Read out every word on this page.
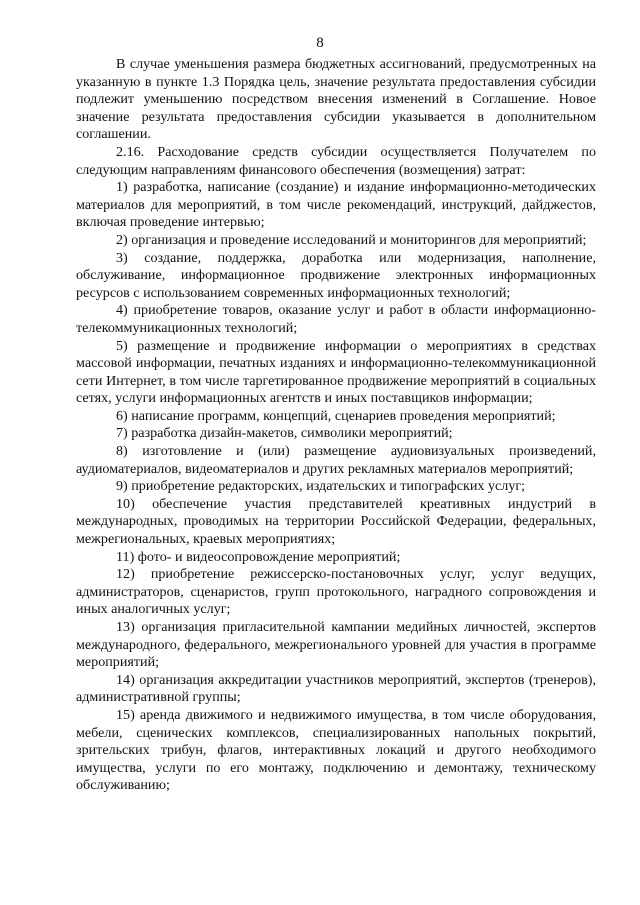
8

В случае уменьшения размера бюджетных ассигнований, предусмотренных на указанную в пункте 1.3 Порядка цель, значение результата предоставления субсидии подлежит уменьшению посредством внесения изменений в Соглашение. Новое значение результата предоставления субсидии указывается в дополнительном соглашении.

2.16. Расходование средств субсидии осуществляется Получателем по следующим направлениям финансового обеспечения (возмещения) затрат:

1) разработка, написание (создание) и издание информационно-методических материалов для мероприятий, в том числе рекомендаций, инструкций, дайджестов, включая проведение интервью;

2) организация и проведение исследований и мониторингов для мероприятий;

3) создание, поддержка, доработка или модернизация, наполнение, обслуживание, информационное продвижение электронных информационных ресурсов с использованием современных информационных технологий;

4) приобретение товаров, оказание услуг и работ в области информационно-телекоммуникационных технологий;

5) размещение и продвижение информации о мероприятиях в средствах массовой информации, печатных изданиях и информационно-телекоммуникационной сети Интернет, в том числе таргетированное продвижение мероприятий в социальных сетях, услуги информационных агентств и иных поставщиков информации;

6) написание программ, концепций, сценариев проведения мероприятий;

7) разработка дизайн-макетов, символики мероприятий;

8) изготовление и (или) размещение аудиовизуальных произведений, аудиоматериалов, видеоматериалов и других рекламных материалов мероприятий;

9) приобретение редакторских, издательских и типографских услуг;

10) обеспечение участия представителей креативных индустрий в международных, проводимых на территории Российской Федерации, федеральных, межрегиональных, краевых мероприятиях;

11) фото- и видеосопровождение мероприятий;

12) приобретение режиссерско-постановочных услуг, услуг ведущих, администраторов, сценаристов, групп протокольного, наградного сопровождения и иных аналогичных услуг;

13) организация пригласительной кампании медийных личностей, экспертов международного, федерального, межрегионального уровней для участия в программе мероприятий;

14) организация аккредитации участников мероприятий, экспертов (тренеров), административной группы;

15) аренда движимого и недвижимого имущества, в том числе оборудования, мебели, сценических комплексов, специализированных напольных покрытий, зрительских трибун, флагов, интерактивных локаций и другого необходимого имущества, услуги по его монтажу, подключению и демонтажу, техническому обслуживанию;
